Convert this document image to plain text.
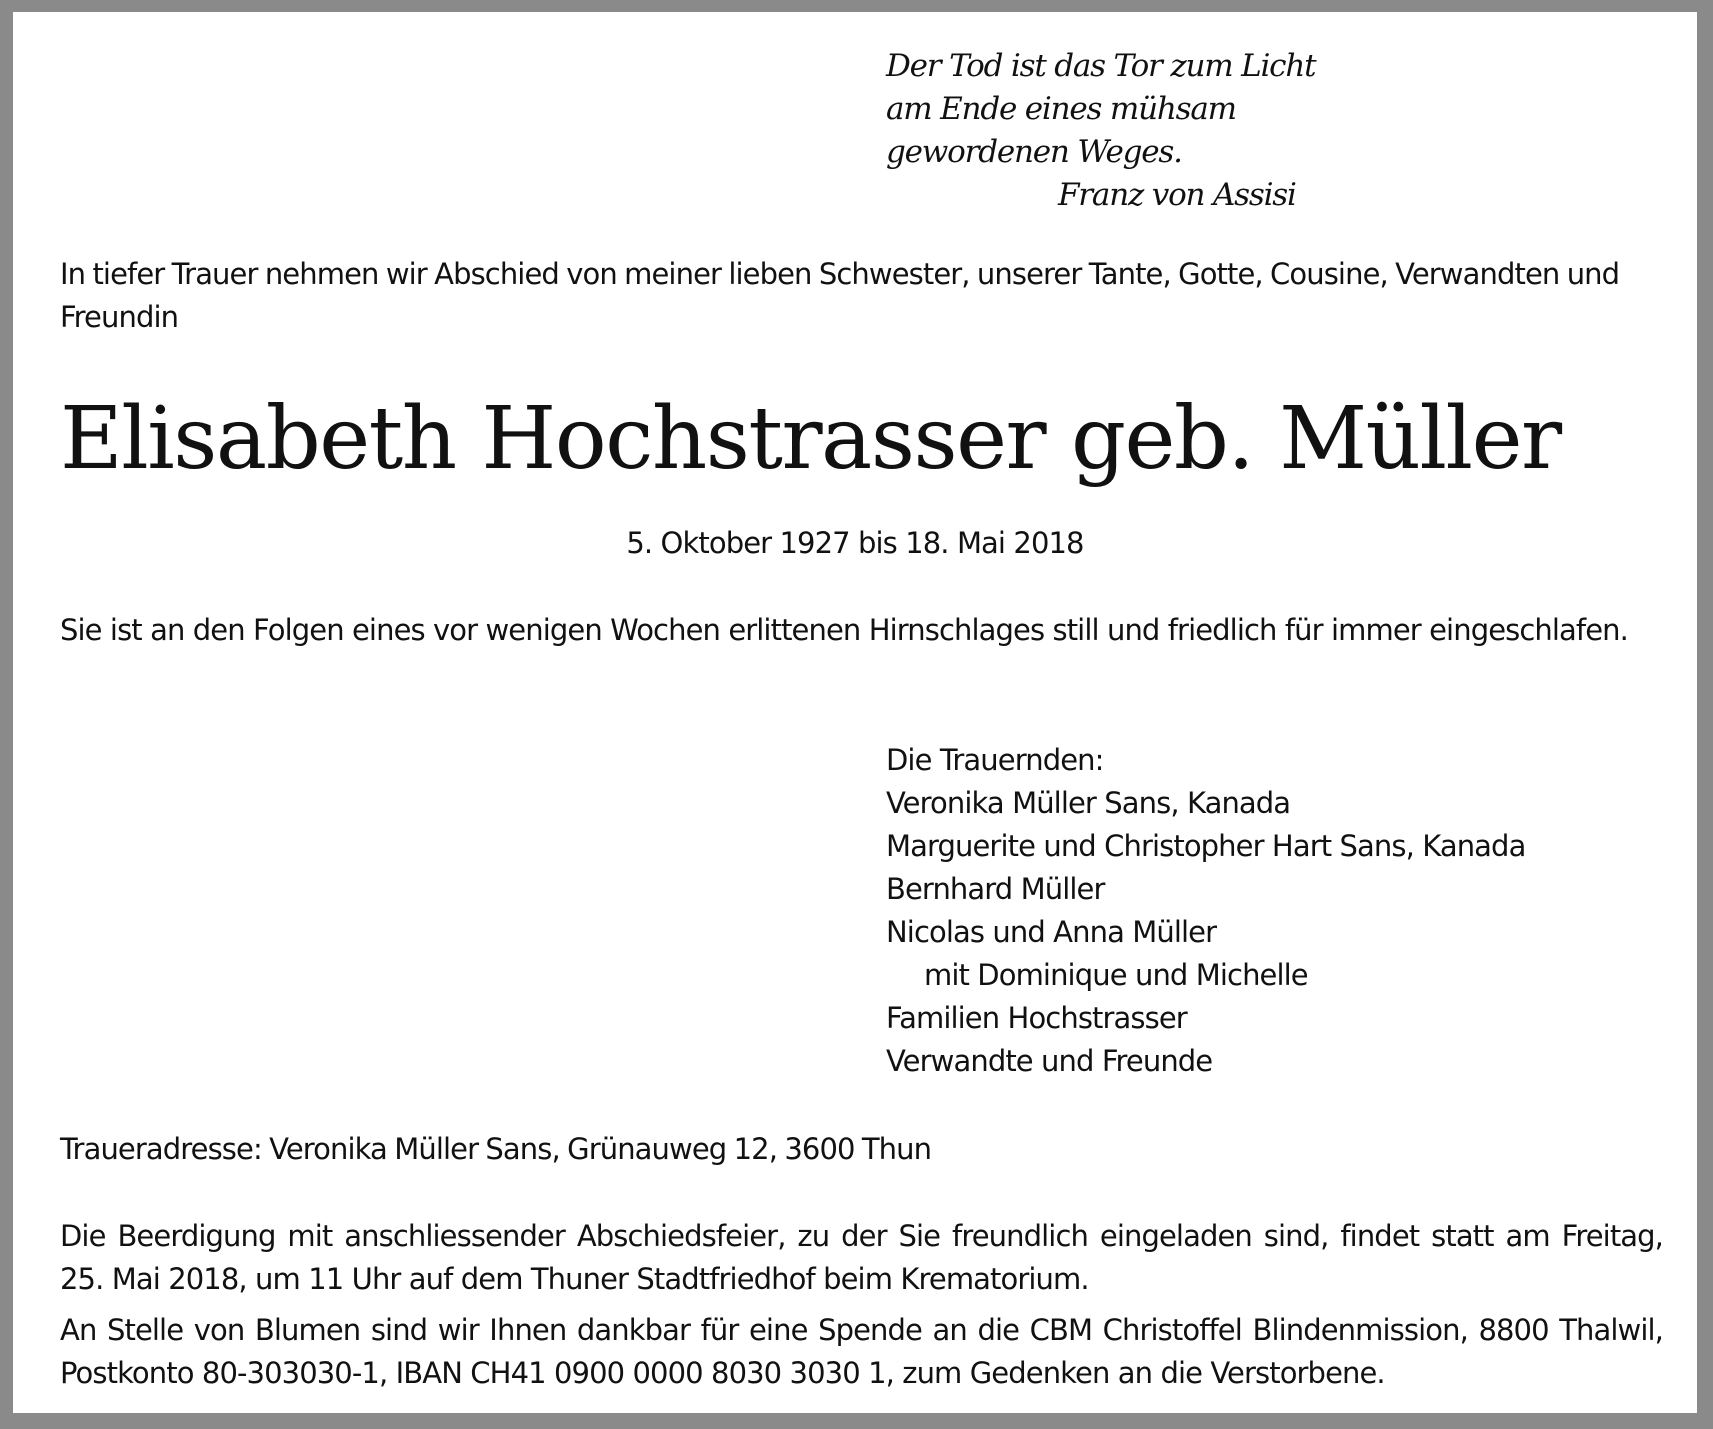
Der Tod ist das Tor zum Licht
am Ende eines mühsam
gewordenen Weges.
Franz von Assisi
In tiefer Trauer nehmen wir Abschied von meiner lieben Schwester, unserer Tante, Gotte, Cousine, Verwandten und Freundin
Elisabeth Hochstrasser geb. Müller
5. Oktober 1927 bis 18. Mai 2018
Sie ist an den Folgen eines vor wenigen Wochen erlittenen Hirnschlages still und friedlich für immer eingeschlafen.
Die Trauernden:
Veronika Müller Sans, Kanada
Marguerite und Christopher Hart Sans, Kanada
Bernhard Müller
Nicolas und Anna Müller
mit Dominique und Michelle
Familien Hochstrasser
Verwandte und Freunde
Traueradresse: Veronika Müller Sans, Grünauweg 12, 3600 Thun
Die Beerdigung mit anschliessender Abschiedsfeier, zu der Sie freundlich eingeladen sind, findet statt am Freitag, 25. Mai 2018, um 11 Uhr auf dem Thuner Stadtfriedhof beim Krematorium.
An Stelle von Blumen sind wir Ihnen dankbar für eine Spende an die CBM Christoffel Blindenmission, 8800 Thalwil, Postkonto 80-303030-1, IBAN CH41 0900 0000 8030 3030 1, zum Gedenken an die Verstorbene.
